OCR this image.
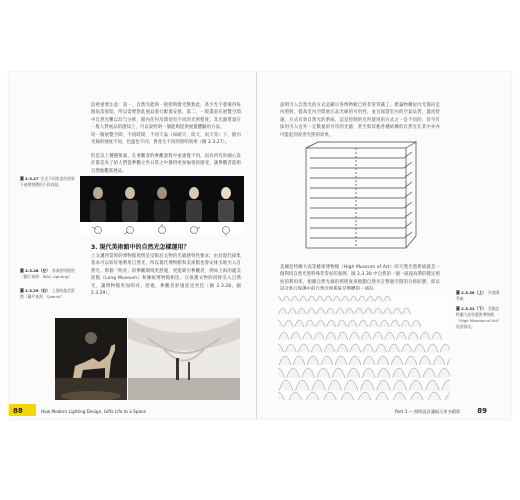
這裡重要注意：第一，自然光能與一般照明燈光整無此，甚少光不會變得每個角落很暗，所以需要對此展品進行配置安排，第二，一般畫前在展覽空間中自然光難以均勻分佈，館內任何房間須有不同的光照程度；其光源質量在一般人對展品的感知上，可以說照明一個能夠提供視覺體驗的方法。
同一個展覽空間，不同時間、不同天氣（如晴天、陰天、雨天等）下，館內光線的強度不同，色溫也不同，會產生不同的照明效果（圖 2.3.27）。
但是以上種種要素，在事觀者的參觀過程中並感覺不到，因為所有的細心設計都是為了給人們從參觀之外日常之中獲得更加愉悅的感受，讓參觀者能夠自然地觀賞展品。
圖 2.3.27 在光不同角度的照射下被照物體的不同表現。
3. 現代美術館中的自然光怎樣運用？
上文講到當時的博物館照明是受限於文物的光敏感特性要求，由於現代採集基本可以較好地利用自然光，所以現代博物館和美術館也會安排多地引入自然光。舉個「明亮」的參觀環境更舒適，更能吸引參觀者，例如上海的龍美術館（Long Museum）和傳統博物館相比，在保護文物的同時引入自然光，讓博物館更加明亮、舒適，參觀者舒適度也更佳（圖 2.3.28、圖 2.3.29）。
圖 2.3.28（左） 專業照明燈照（圖片來源：WAC Lighting）
圖 2.3.29（右） 上海的龍美術館（圖片來源：Quanhi）
88	How Modern Lighting Design, Gifts Life to a Space
說明引入自然光的方式是顯示各博物館已經非常常識了。建築物構屋內光都向室內照射，提高室內空間展示品光線的可用性，並且保證室內的空氣品質、溫度舒適，方式有效自然光的系統，這是控制的光所使用的方式之一是不同的，甚至有採用引入室外一定數量的可用的光源，甚至與其他各種結構的自然光在其中亦亦可能起到改善光照的效果。
美國亞特蘭大高等藝術博物館（High Museum of Art）的天然光照系統就是一個利用自然光照特殊非常好的案例，圖 2.3.30 中自然的一個一區提高帶的穩定照度的利用率，根據自然光線的照明度來規劃自然光在整個空間的分佈狀態，即以
圖 2.3.30（上） 外遮陽系統
圖 2.3.31（下） 美國亞特蘭大高等藝術博物館（High Museum of Art）屋頂採光。
Part 3 — 照明設計讓展示更多精彩 89
